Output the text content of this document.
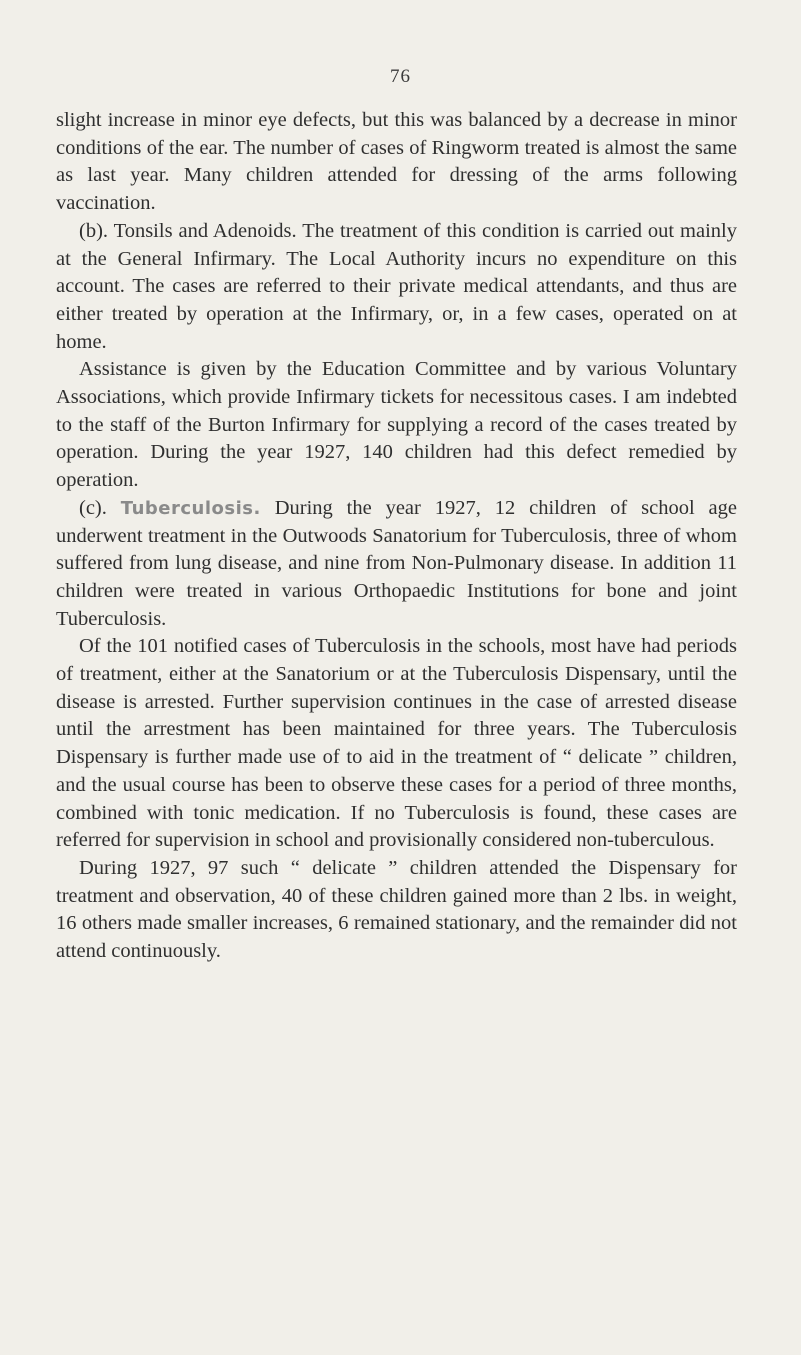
76

slight increase in minor eye defects, but this was balanced by a decrease in minor conditions of the ear. The number of cases of Ringworm treated is almost the same as last year. Many children attended for dressing of the arms following vaccination.

(b). Tonsils and Adenoids. The treatment of this condition is carried out mainly at the General Infirmary. The Local Authority incurs no expenditure on this account. The cases are referred to their private medical attendants, and thus are either treated by operation at the Infirmary, or, in a few cases, operated on at home.

Assistance is given by the Education Committee and by various Voluntary Associations, which provide Infirmary tickets for necessitous cases. I am indebted to the staff of the Burton Infirmary for supplying a record of the cases treated by operation. During the year 1927, 140 children had this defect remedied by operation.

(c). Tuberculosis. During the year 1927, 12 children of school age underwent treatment in the Outwoods Sanatorium for Tuberculosis, three of whom suffered from lung disease, and nine from Non-Pulmonary disease. In addition 11 children were treated in various Orthopaedic Institutions for bone and joint Tuberculosis.

Of the 101 notified cases of Tuberculosis in the schools, most have had periods of treatment, either at the Sanatorium or at the Tuberculosis Dispensary, until the disease is arrested. Further supervision continues in the case of arrested disease until the arrestment has been maintained for three years. The Tuberculosis Dispensary is further made use of to aid in the treatment of “ delicate ” children, and the usual course has been to observe these cases for a period of three months, combined with tonic medication. If no Tuberculosis is found, these cases are referred for supervision in school and provisionally considered non-tuberculous.

During 1927, 97 such “ delicate ” children attended the Dispensary for treatment and observation, 40 of these children gained more than 2 lbs. in weight, 16 others made smaller increases, 6 remained stationary, and the remainder did not attend continuously.
